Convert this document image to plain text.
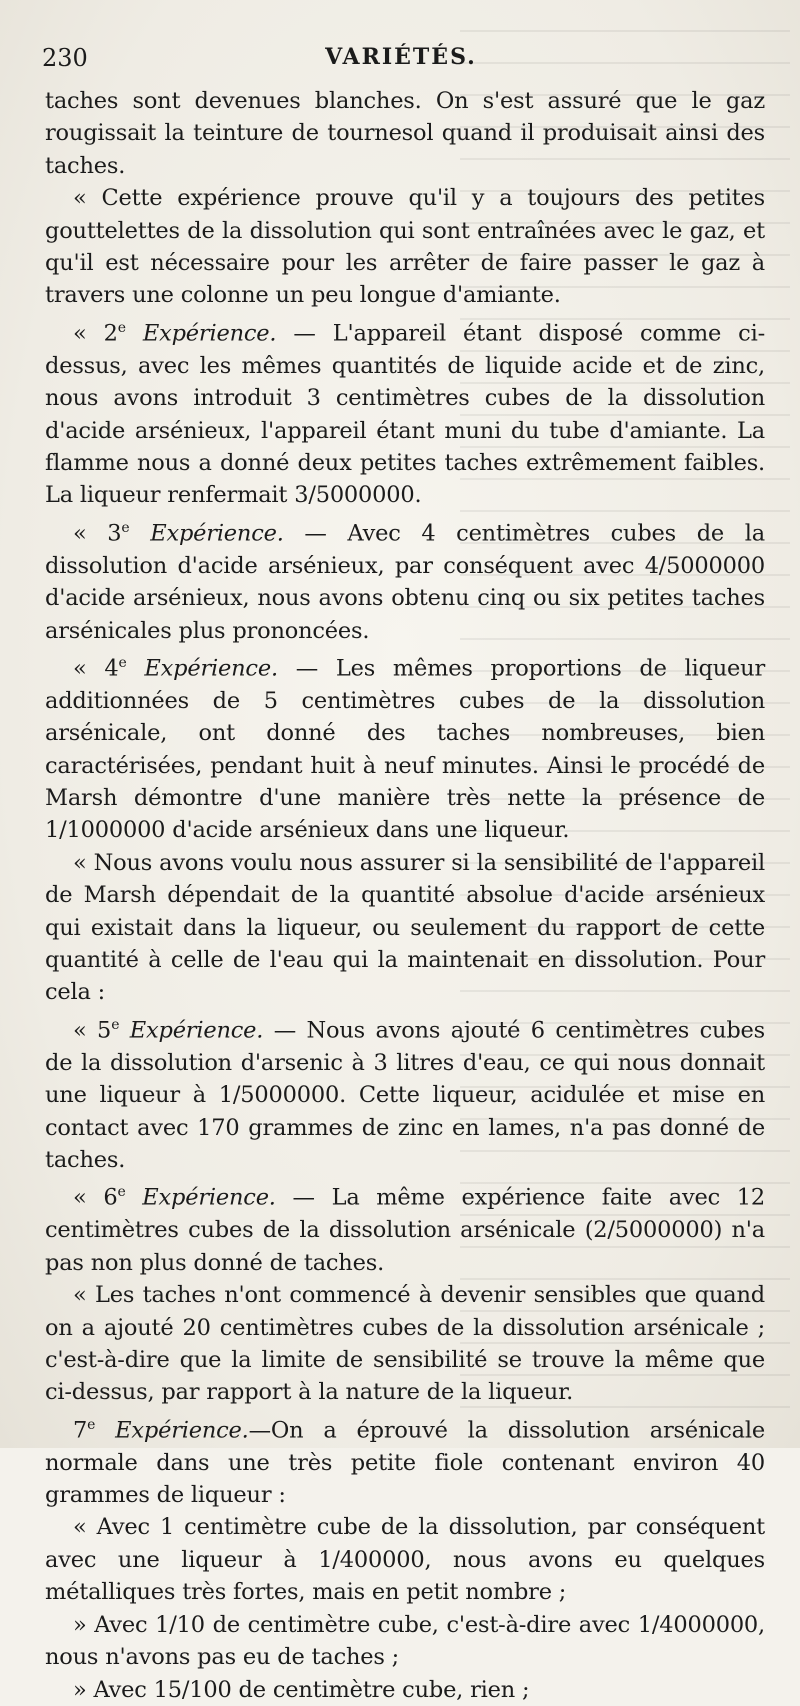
230	VARIÉTÉS.

taches sont devenues blanches. On s'est assuré que le gaz rougissait la teinture de tournesol quand il produisait ainsi des taches.

« Cette expérience prouve qu'il y a toujours des petites gouttelettes de la dissolution qui sont entraînées avec le gaz, et qu'il est nécessaire pour les arrêter de faire passer le gaz à travers une colonne un peu longue d'amiante.

« 2e Expérience. — L'appareil étant disposé comme ci-dessus, avec les mêmes quantités de liquide acide et de zinc, nous avons introduit 3 centimètres cubes de la dissolution d'acide arsénieux, l'appareil étant muni du tube d'amiante. La flamme nous a donné deux petites taches extrêmement faibles. La liqueur renfermait 3/5000000.

« 3e Expérience. — Avec 4 centimètres cubes de la dissolution d'acide arsénieux, par conséquent avec 4/5000000 d'acide arsénieux, nous avons obtenu cinq ou six petites taches arsénicales plus prononcées.

« 4e Expérience. — Les mêmes proportions de liqueur additionnées de 5 centimètres cubes de la dissolution arsénicale, ont donné des taches nombreuses, bien caractérisées, pendant huit à neuf minutes. Ainsi le procédé de Marsh démontre d'une manière très nette la présence de 1/1000000 d'acide arsénieux dans une liqueur.

« Nous avons voulu nous assurer si la sensibilité de l'appareil de Marsh dépendait de la quantité absolue d'acide arsénieux qui existait dans la liqueur, ou seulement du rapport de cette quantité à celle de l'eau qui la maintenait en dissolution. Pour cela :

« 5e Expérience. — Nous avons ajouté 6 centimètres cubes de la dissolution d'arsenic à 3 litres d'eau, ce qui nous donnait une liqueur à 1/5000000. Cette liqueur, acidulée et mise en contact avec 170 grammes de zinc en lames, n'a pas donné de taches.

« 6e Expérience. — La même expérience faite avec 12 centimètres cubes de la dissolution arsénicale (2/5000000) n'a pas non plus donné de taches.

« Les taches n'ont commencé à devenir sensibles que quand on a ajouté 20 centimètres cubes de la dissolution arsénicale ; c'est-à-dire que la limite de sensibilité se trouve la même que ci-dessus, par rapport à la nature de la liqueur.

7e Expérience.—On a éprouvé la dissolution arsénicale normale dans une très petite fiole contenant environ 40 grammes de liqueur :

« Avec 1 centimètre cube de la dissolution, par conséquent avec une liqueur à 1/400000, nous avons eu quelques métalliques très fortes, mais en petit nombre ;

» Avec 1/10 de centimètre cube, c'est-à-dire avec 1/4000000, nous n'avons pas eu de taches ;

» Avec 15/100 de centimètre cube, rien ;
